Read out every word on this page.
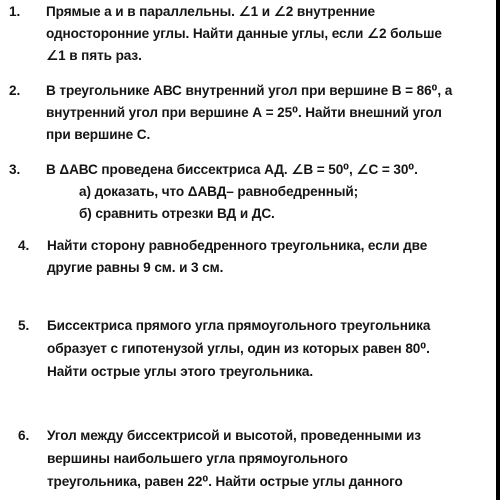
1. Прямые а и в параллельны. ∠1 и ∠2 внутренние
односторонние углы. Найти данные углы, если ∠2 больше
∠1 в пять раз.
2. В треугольнике АВС внутренний угол при вершине В = 86⁰, а
внутренний угол при вершине А = 25⁰. Найти внешний угол
при вершине С.
3. В ΔАВС проведена биссектриса АД. ∠В = 50⁰, ∠С = 30⁰.
а) доказать, что ΔАВД– равнобедренный;
б) сравнить отрезки ВД и ДС.
4. Найти сторону равнобедренного треугольника, если две
другие равны 9 см. и 3 см.
5. Биссектриса прямого угла прямоугольного треугольника
образует с гипотенузой углы, один из которых равен 80⁰.
Найти острые углы этого треугольника.
6. Угол между биссектрисой и высотой, проведенными из
вершины наибольшего угла прямоугольного
треугольника, равен 22⁰. Найти острые углы данного
